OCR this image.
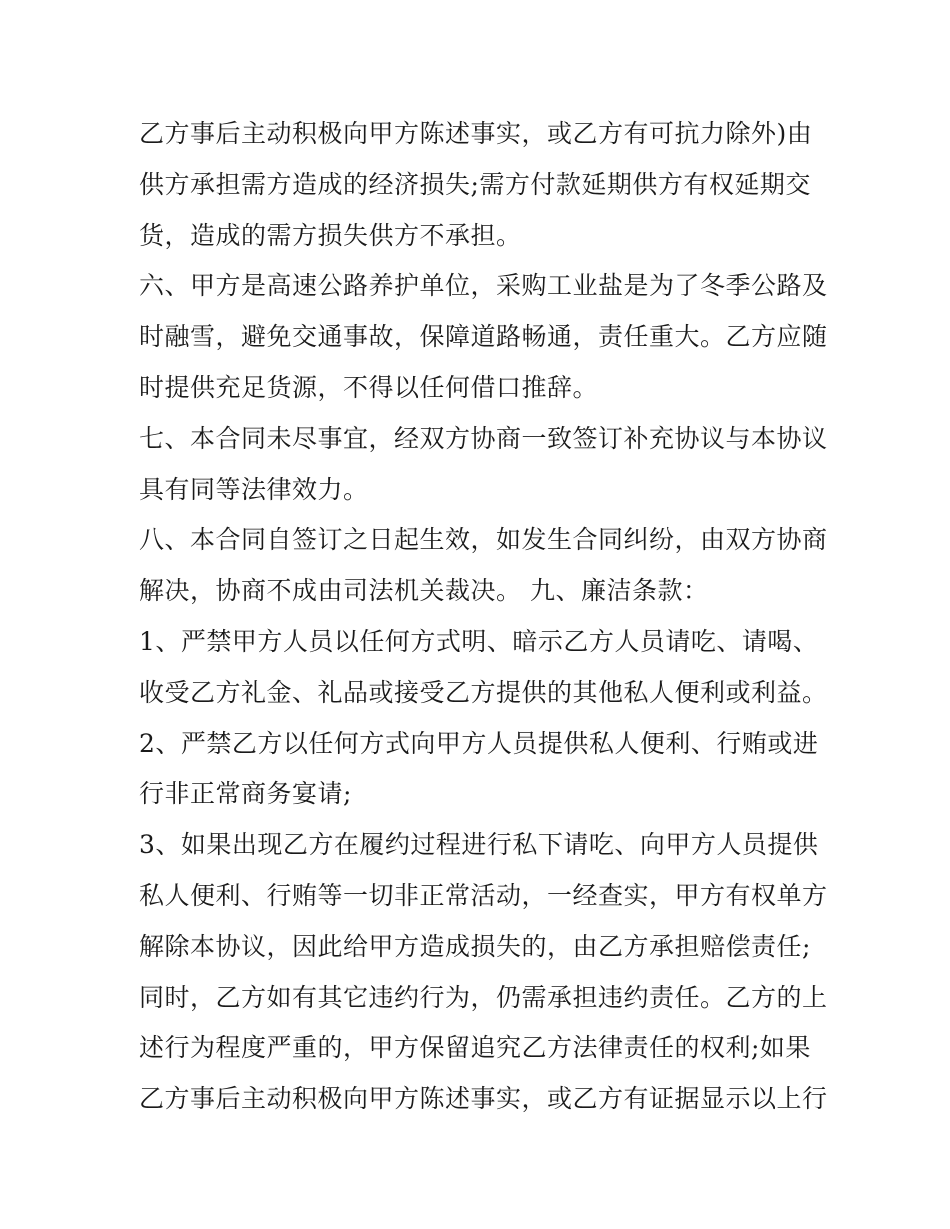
乙方事后主动积极向甲方陈述事实，或乙方有可抗力除外)由
供方承担需方造成的经济损失;需方付款延期供方有权延期交
货，造成的需方损失供方不承担。
六、甲方是高速公路养护单位，采购工业盐是为了冬季公路及
时融雪，避免交通事故，保障道路畅通，责任重大。乙方应随
时提供充足货源，不得以任何借口推辞。
七、本合同未尽事宜，经双方协商一致签订补充协议与本协议
具有同等法律效力。
八、本合同自签订之日起生效，如发生合同纠纷，由双方协商
解决，协商不成由司法机关裁决。 九、廉洁条款：
1、严禁甲方人员以任何方式明、暗示乙方人员请吃、请喝、
收受乙方礼金、礼品或接受乙方提供的其他私人便利或利益。
2、严禁乙方以任何方式向甲方人员提供私人便利、行贿或进
行非正常商务宴请;
3、如果出现乙方在履约过程进行私下请吃、向甲方人员提供
私人便利、行贿等一切非正常活动，一经查实，甲方有权单方
解除本协议，因此给甲方造成损失的，由乙方承担赔偿责任;
同时，乙方如有其它违约行为，仍需承担违约责任。乙方的上
述行为程度严重的，甲方保留追究乙方法律责任的权利;如果
乙方事后主动积极向甲方陈述事实，或乙方有证据显示以上行
